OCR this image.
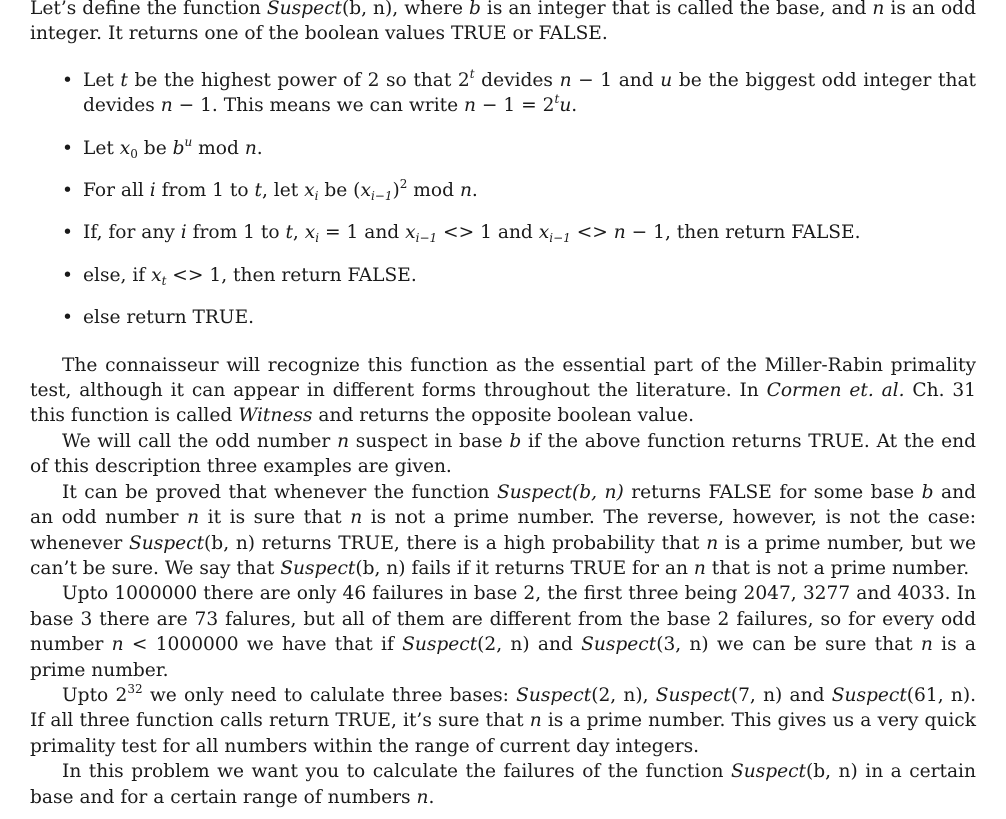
Let’s define the function Suspect(b, n), where b is an integer that is called the base, and n is an odd integer. It returns one of the boolean values TRUE or FALSE.

• Let t be the highest power of 2 so that 2$^t$ devides n − 1 and u be the biggest odd integer that devides n − 1. This means we can write $n - 1 = 2^tu$.
• Let $x_0$ be $b^u$ mod n.
• For all i from 1 to t, let $x_i$ be $(x_{i-1})^2$ mod n.
• If, for any i from 1 to t, $x_i = 1$ and $x_{i-1} <> 1$ and $x_{i-1} <> n - 1$, then return FALSE.
• else, if $x_t <> 1$, then return FALSE.
• else return TRUE.

The connaisseur will recognize this function as the essential part of the Miller-Rabin primality test, although it can appear in different forms throughout the literature. In Cormen et. al. Ch. 31 this function is called Witness and returns the opposite boolean value.

We will call the odd number n suspect in base b if the above function returns TRUE. At the end of this description three examples are given.

It can be proved that whenever the function Suspect(b, n) returns FALSE for some base b and an odd number n it is sure that n is not a prime number. The reverse, however, is not the case: whenever Suspect(b, n) returns TRUE, there is a high probability that n is a prime number, but we can’t be sure. We say that Suspect(b, n) fails if it returns TRUE for an n that is not a prime number.

Upto 1000000 there are only 46 failures in base 2, the first three being 2047, 3277 and 4033. In base 3 there are 73 falures, but all of them are different from the base 2 failures, so for every odd number n < 1000000 we have that if Suspect(2, n) and Suspect(3, n) we can be sure that n is a prime number.

Upto $2^{32}$ we only need to calulate three bases: Suspect(2, n), Suspect(7, n) and Suspect(61, n). If all three function calls return TRUE, it’s sure that n is a prime number. This gives us a very quick primality test for all numbers within the range of current day integers.

In this problem we want you to calculate the failures of the function Suspect(b, n) in a certain base and for a certain range of numbers n.
